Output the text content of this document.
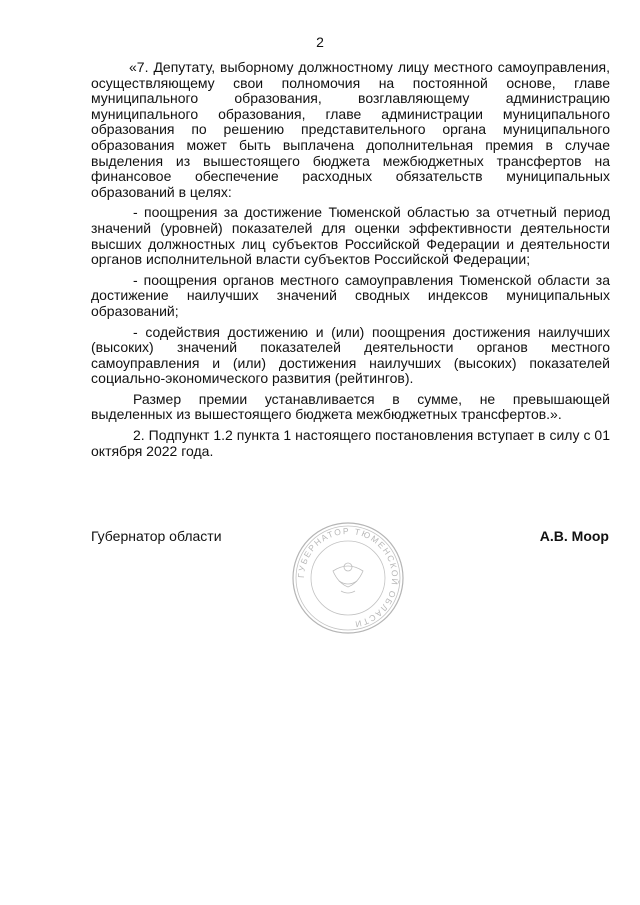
2

«7. Депутату, выборному должностному лицу местного самоуправления, осуществляющему свои полномочия на постоянной основе, главе муниципального образования, возглавляющему администрацию муниципального образования, главе администрации муниципального образования по решению представительного органа муниципального образования может быть выплачена дополнительная премия в случае выделения из вышестоящего бюджета межбюджетных трансфертов на финансовое обеспечение расходных обязательств муниципальных образований в целях:

- поощрения за достижение Тюменской областью за отчетный период значений (уровней) показателей для оценки эффективности деятельности высших должностных лиц субъектов Российской Федерации и деятельности органов исполнительной власти субъектов Российской Федерации;

- поощрения органов местного самоуправления Тюменской области за достижение наилучших значений сводных индексов муниципальных образований;

- содействия достижению и (или) поощрения достижения наилучших (высоких) значений показателей деятельности органов местного самоуправления и (или) достижения наилучших (высоких) показателей социально-экономического развития (рейтингов).

Размер премии устанавливается в сумме, не превышающей выделенных из вышестоящего бюджета межбюджетных трансфертов.».

2. Подпункт 1.2 пункта 1 настоящего постановления вступает в силу с 01 октября 2022 года.

Губернатор области	А.В. Моор
ГУБЕРНАТОР ТЮМЕНСКОЙ ОБЛАСТИ
